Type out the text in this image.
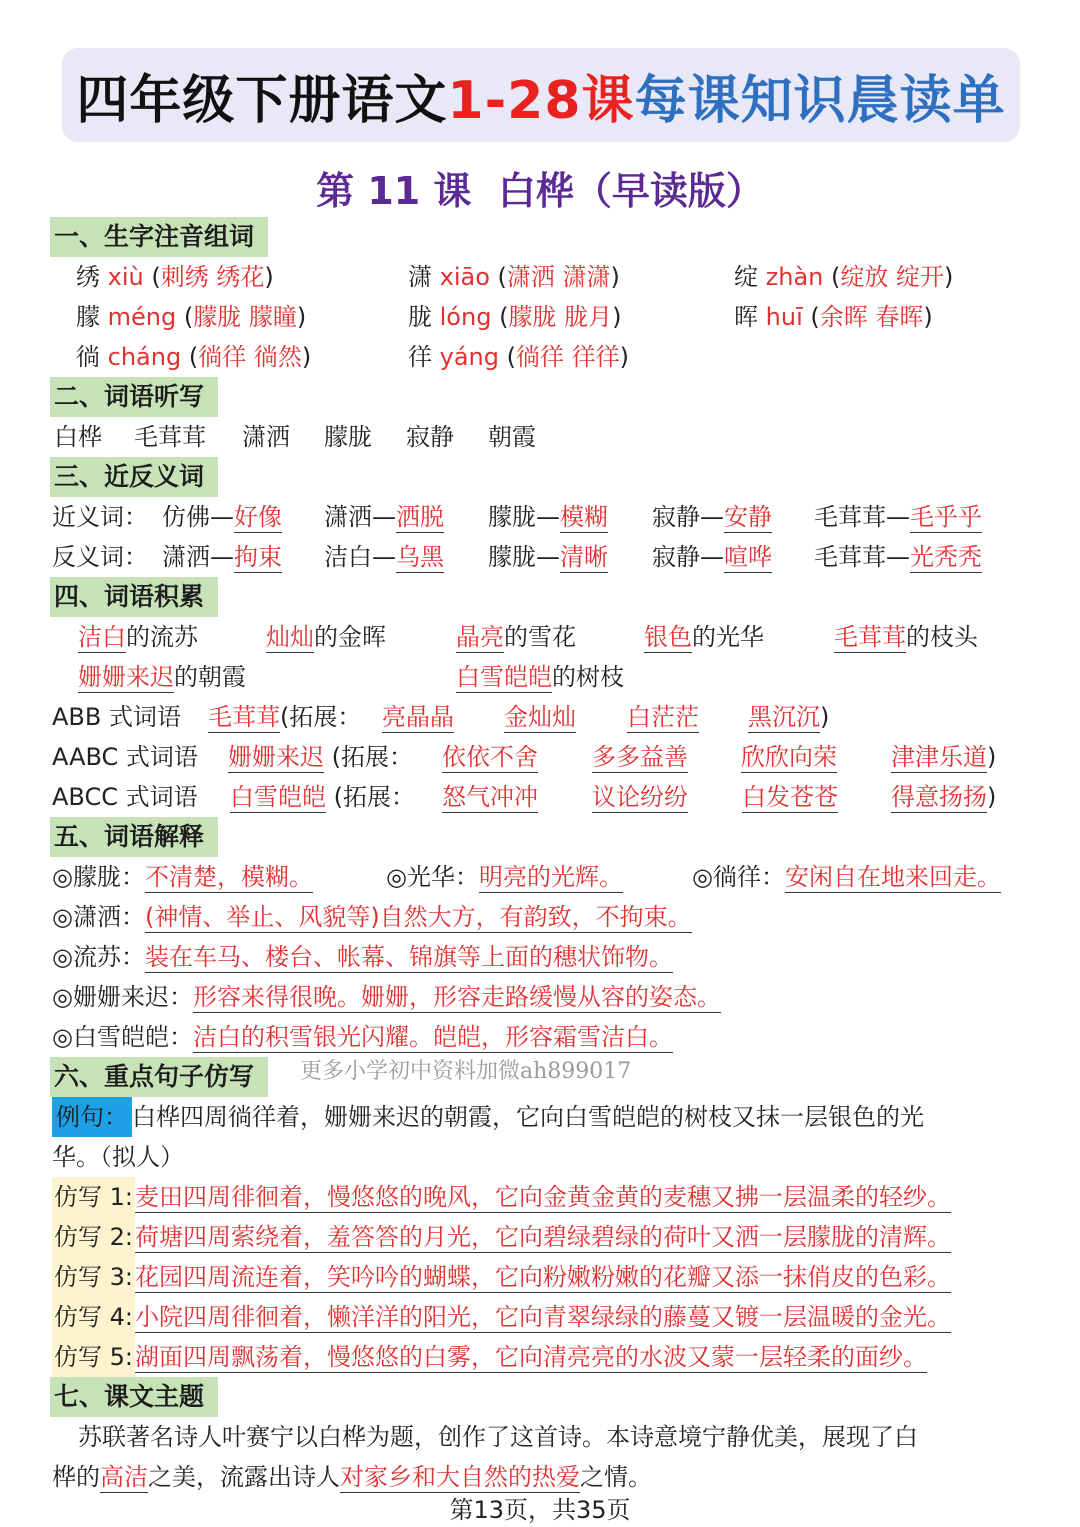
四年级下册语文 1-28课 每课知识晨读单
第 11 课  白桦（早读版）
一、生字注音组词
绣 xiù (刺绣 绣花)	潇 xiāo (潇洒 潇潇)	绽 zhàn (绽放 绽开)
朦 méng (朦胧 朦瞳)	胧 lóng (朦胧 胧月)	晖 huī (余晖 春晖)
徜 cháng (徜徉 徜然)	徉 yáng (徜徉 徉徉)
二、词语听写
白桦 毛茸茸 潇洒 朦胧 寂静 朝霞
三、近反义词
近义词： 仿佛—好像 潇洒—洒脱 朦胧—模糊 寂静—安静 毛茸茸—毛乎乎
反义词： 潇洒—拘束 洁白—乌黑 朦胧—清晰 寂静—喧哗 毛茸茸—光秃秃
四、词语积累
洁白的流苏	灿灿的金晖	晶亮的雪花	银色的光华	毛茸茸的枝头
姗姗来迟的朝霞	白雪皑皑的树枝
ABB 式词语 毛茸茸(拓展： 亮晶晶 金灿灿 白茫茫 黑沉沉)
AABC 式词语 姗姗来迟 (拓展： 依依不舍 多多益善 欣欣向荣 津津乐道)
ABCC 式词语 白雪皑皑 (拓展： 怒气冲冲 议论纷纷 白发苍苍 得意扬扬)
五、词语解释
◎朦胧：不清楚，模糊。	◎光华：明亮的光辉。	◎徜徉：安闲自在地来回走。
◎潇洒：(神情、举止、风貌等)自然大方，有韵致，不拘束。
◎流苏：装在车马、楼台、帐幕、锦旗等上面的穗状饰物。
◎姗姗来迟：形容来得很晚。姗姗，形容走路缓慢从容的姿态。
◎白雪皑皑：洁白的积雪银光闪耀。皑皑，形容霜雪洁白。
六、重点句子仿写	更多小学初中资料加微ah899017
例句： 白桦四周徜徉着，姗姗来迟的朝霞，它向白雪皑皑的树枝又抹一层银色的光
华。（拟人）
仿写 1:麦田四周徘徊着，慢悠悠的晚风，它向金黄金黄的麦穗又拂一层温柔的轻纱。
仿写 2:荷塘四周萦绕着，羞答答的月光，它向碧绿碧绿的荷叶又洒一层朦胧的清辉。
仿写 3:花园四周流连着，笑吟吟的蝴蝶，它向粉嫩粉嫩的花瓣又添一抹俏皮的色彩。
仿写 4:小院四周徘徊着，懒洋洋的阳光，它向青翠绿绿的藤蔓又镀一层温暖的金光。
仿写 5:湖面四周飘荡着，慢悠悠的白雾，它向清亮亮的水波又蒙一层轻柔的面纱。
七、课文主题
苏联著名诗人叶赛宁以白桦为题，创作了这首诗。本诗意境宁静优美，展现了白
桦的高洁之美，流露出诗人对家乡和大自然的热爱之情。
第13页，共35页
